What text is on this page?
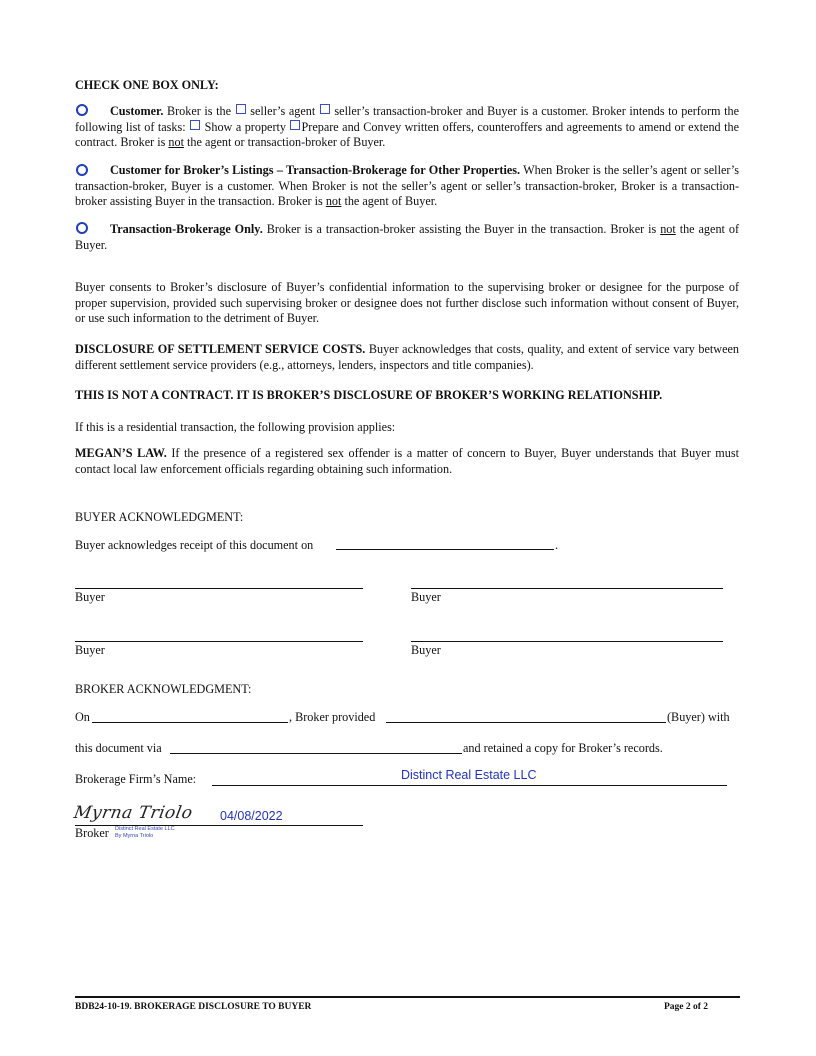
CHECK ONE BOX ONLY:

Customer. Broker is the  seller’s agent  seller’s transaction-broker and Buyer is a customer. Broker intends to perform the following list of tasks:  Show a property Prepare and Convey written offers, counteroffers and agreements to amend or extend the contract. Broker is not the agent or transaction-broker of Buyer.

Customer for Broker’s Listings – Transaction-Brokerage for Other Properties. When Broker is the seller’s agent or seller’s transaction-broker, Buyer is a customer. When Broker is not the seller’s agent or seller’s transaction-broker, Broker is a transaction-broker assisting Buyer in the transaction. Broker is not the agent of Buyer.

Transaction-Brokerage Only. Broker is a transaction-broker assisting the Buyer in the transaction. Broker is not the agent of Buyer.

Buyer consents to Broker’s disclosure of Buyer’s confidential information to the supervising broker or designee for the purpose of proper supervision, provided such supervising broker or designee does not further disclose such information without consent of Buyer, or use such information to the detriment of Buyer.

DISCLOSURE OF SETTLEMENT SERVICE COSTS. Buyer acknowledges that costs, quality, and extent of service vary between different settlement service providers (e.g., attorneys, lenders, inspectors and title companies).

THIS IS NOT A CONTRACT. IT IS BROKER’S DISCLOSURE OF BROKER’S WORKING RELATIONSHIP.
If this is a residential transaction, the following provision applies:

MEGAN’S LAW. If the presence of a registered sex offender is a matter of concern to Buyer, Buyer understands that Buyer must contact local law enforcement officials regarding obtaining such information.

BUYER ACKNOWLEDGMENT:
Buyer acknowledges receipt of this document on	.
Buyer	Buyer
Buyer	Buyer
BROKER ACKNOWLEDGMENT:
On	, Broker provided	(Buyer) with
this document via	and retained a copy for Broker’s records.
Brokerage Firm’s Name:	Distinct Real Estate LLC
Myrna Triolo 04/08/2022
Broker Distinct Real Estate LLC
By Myrna Triolo
BDB24-10-19. BROKERAGE DISCLOSURE TO BUYER	Page 2 of 2
